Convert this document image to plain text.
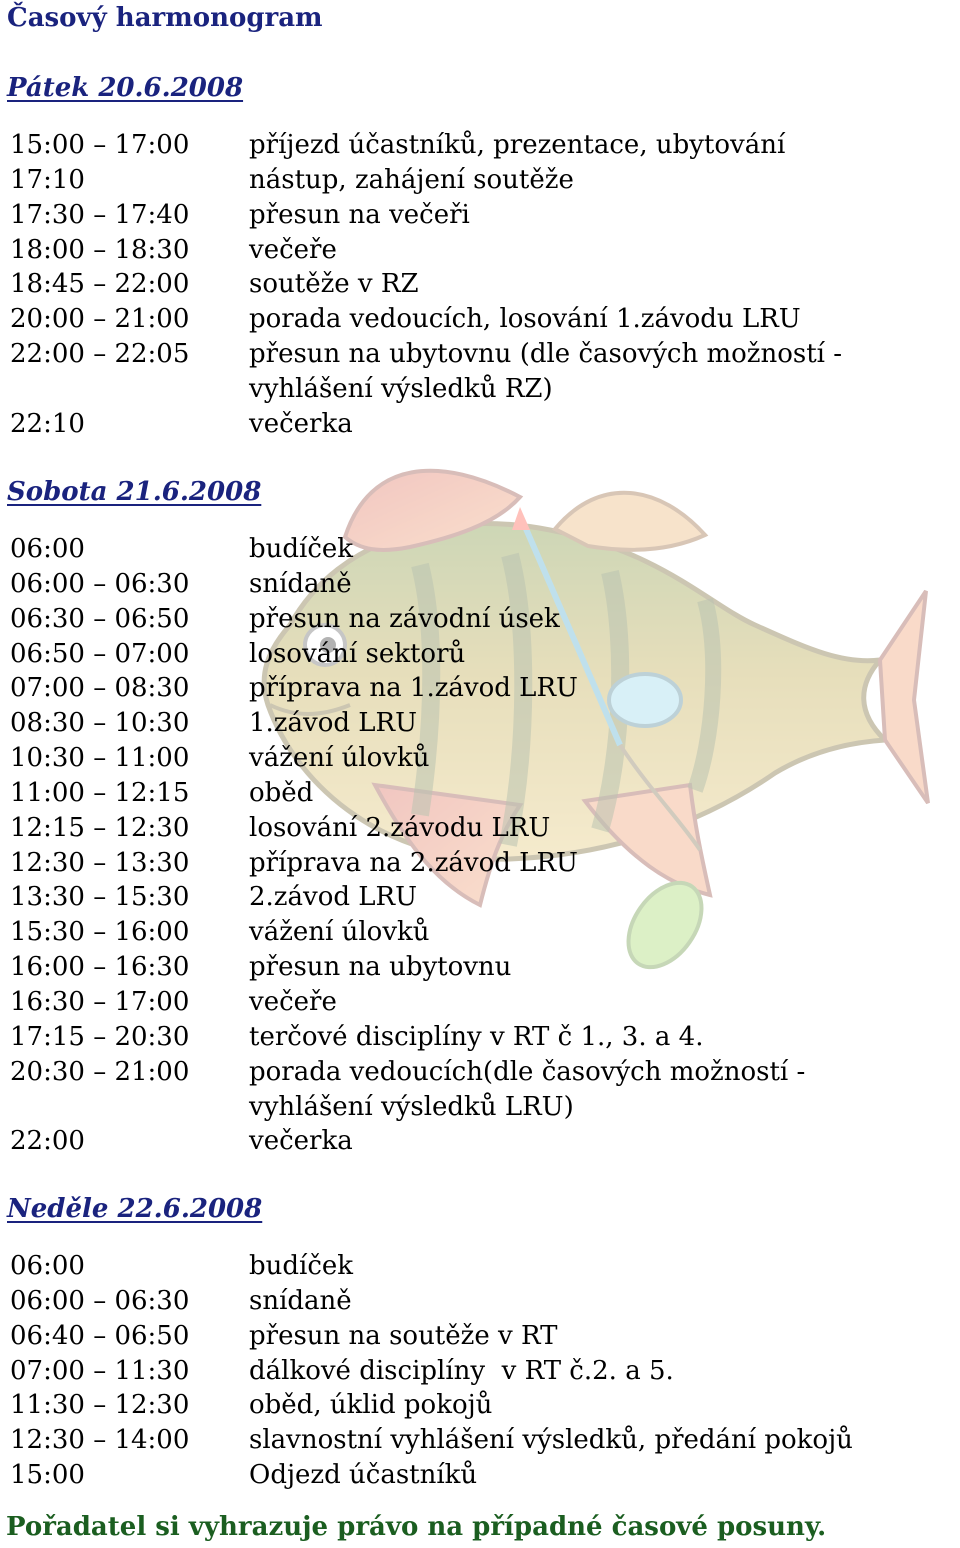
Časový harmonogram
Pátek 20.6.2008
15:00 – 17:00	příjezd účastníků, prezentace, ubytování
17:10	nástup, zahájení soutěže
17:30 – 17:40	přesun na večeři
18:00 – 18:30	večeře
18:45 – 22:00	soutěže v RZ
20:00 – 21:00	porada vedoucích, losování 1.závodu LRU
22:00 – 22:05	přesun na ubytovnu (dle časových možností -
vyhlášení výsledků RZ)
22:10	večerka
Sobota 21.6.2008
06:00	budíček
06:00 – 06:30	snídaně
06:30 – 06:50	přesun na závodní úsek
06:50 – 07:00	losování sektorů
07:00 – 08:30	příprava na 1.závod LRU
08:30 – 10:30	1.závod LRU
10:30 – 11:00	vážení úlovků
11:00 – 12:15	oběd
12:15 – 12:30	losování 2.závodu LRU
12:30 – 13:30	příprava na 2.závod LRU
13:30 – 15:30	2.závod LRU
15:30 – 16:00	vážení úlovků
16:00 – 16:30	přesun na ubytovnu
16:30 – 17:00	večeře
17:15 – 20:30	terčové disciplíny v RT č 1., 3. a 4.
20:30 – 21:00	porada vedoucích(dle časových možností -
vyhlášení výsledků LRU)
22:00	večerka
Neděle 22.6.2008
06:00	budíček
06:00 – 06:30	snídaně
06:40 – 06:50	přesun na soutěže v RT
07:00 – 11:30	dálkové disciplíny  v RT č.2. a 5.
11:30 – 12:30	oběd, úklid pokojů
12:30 – 14:00	slavnostní vyhlášení výsledků, předání pokojů
15:00	Odjezd účastníků

Pořadatel si vyhrazuje právo na případné časové posuny.
